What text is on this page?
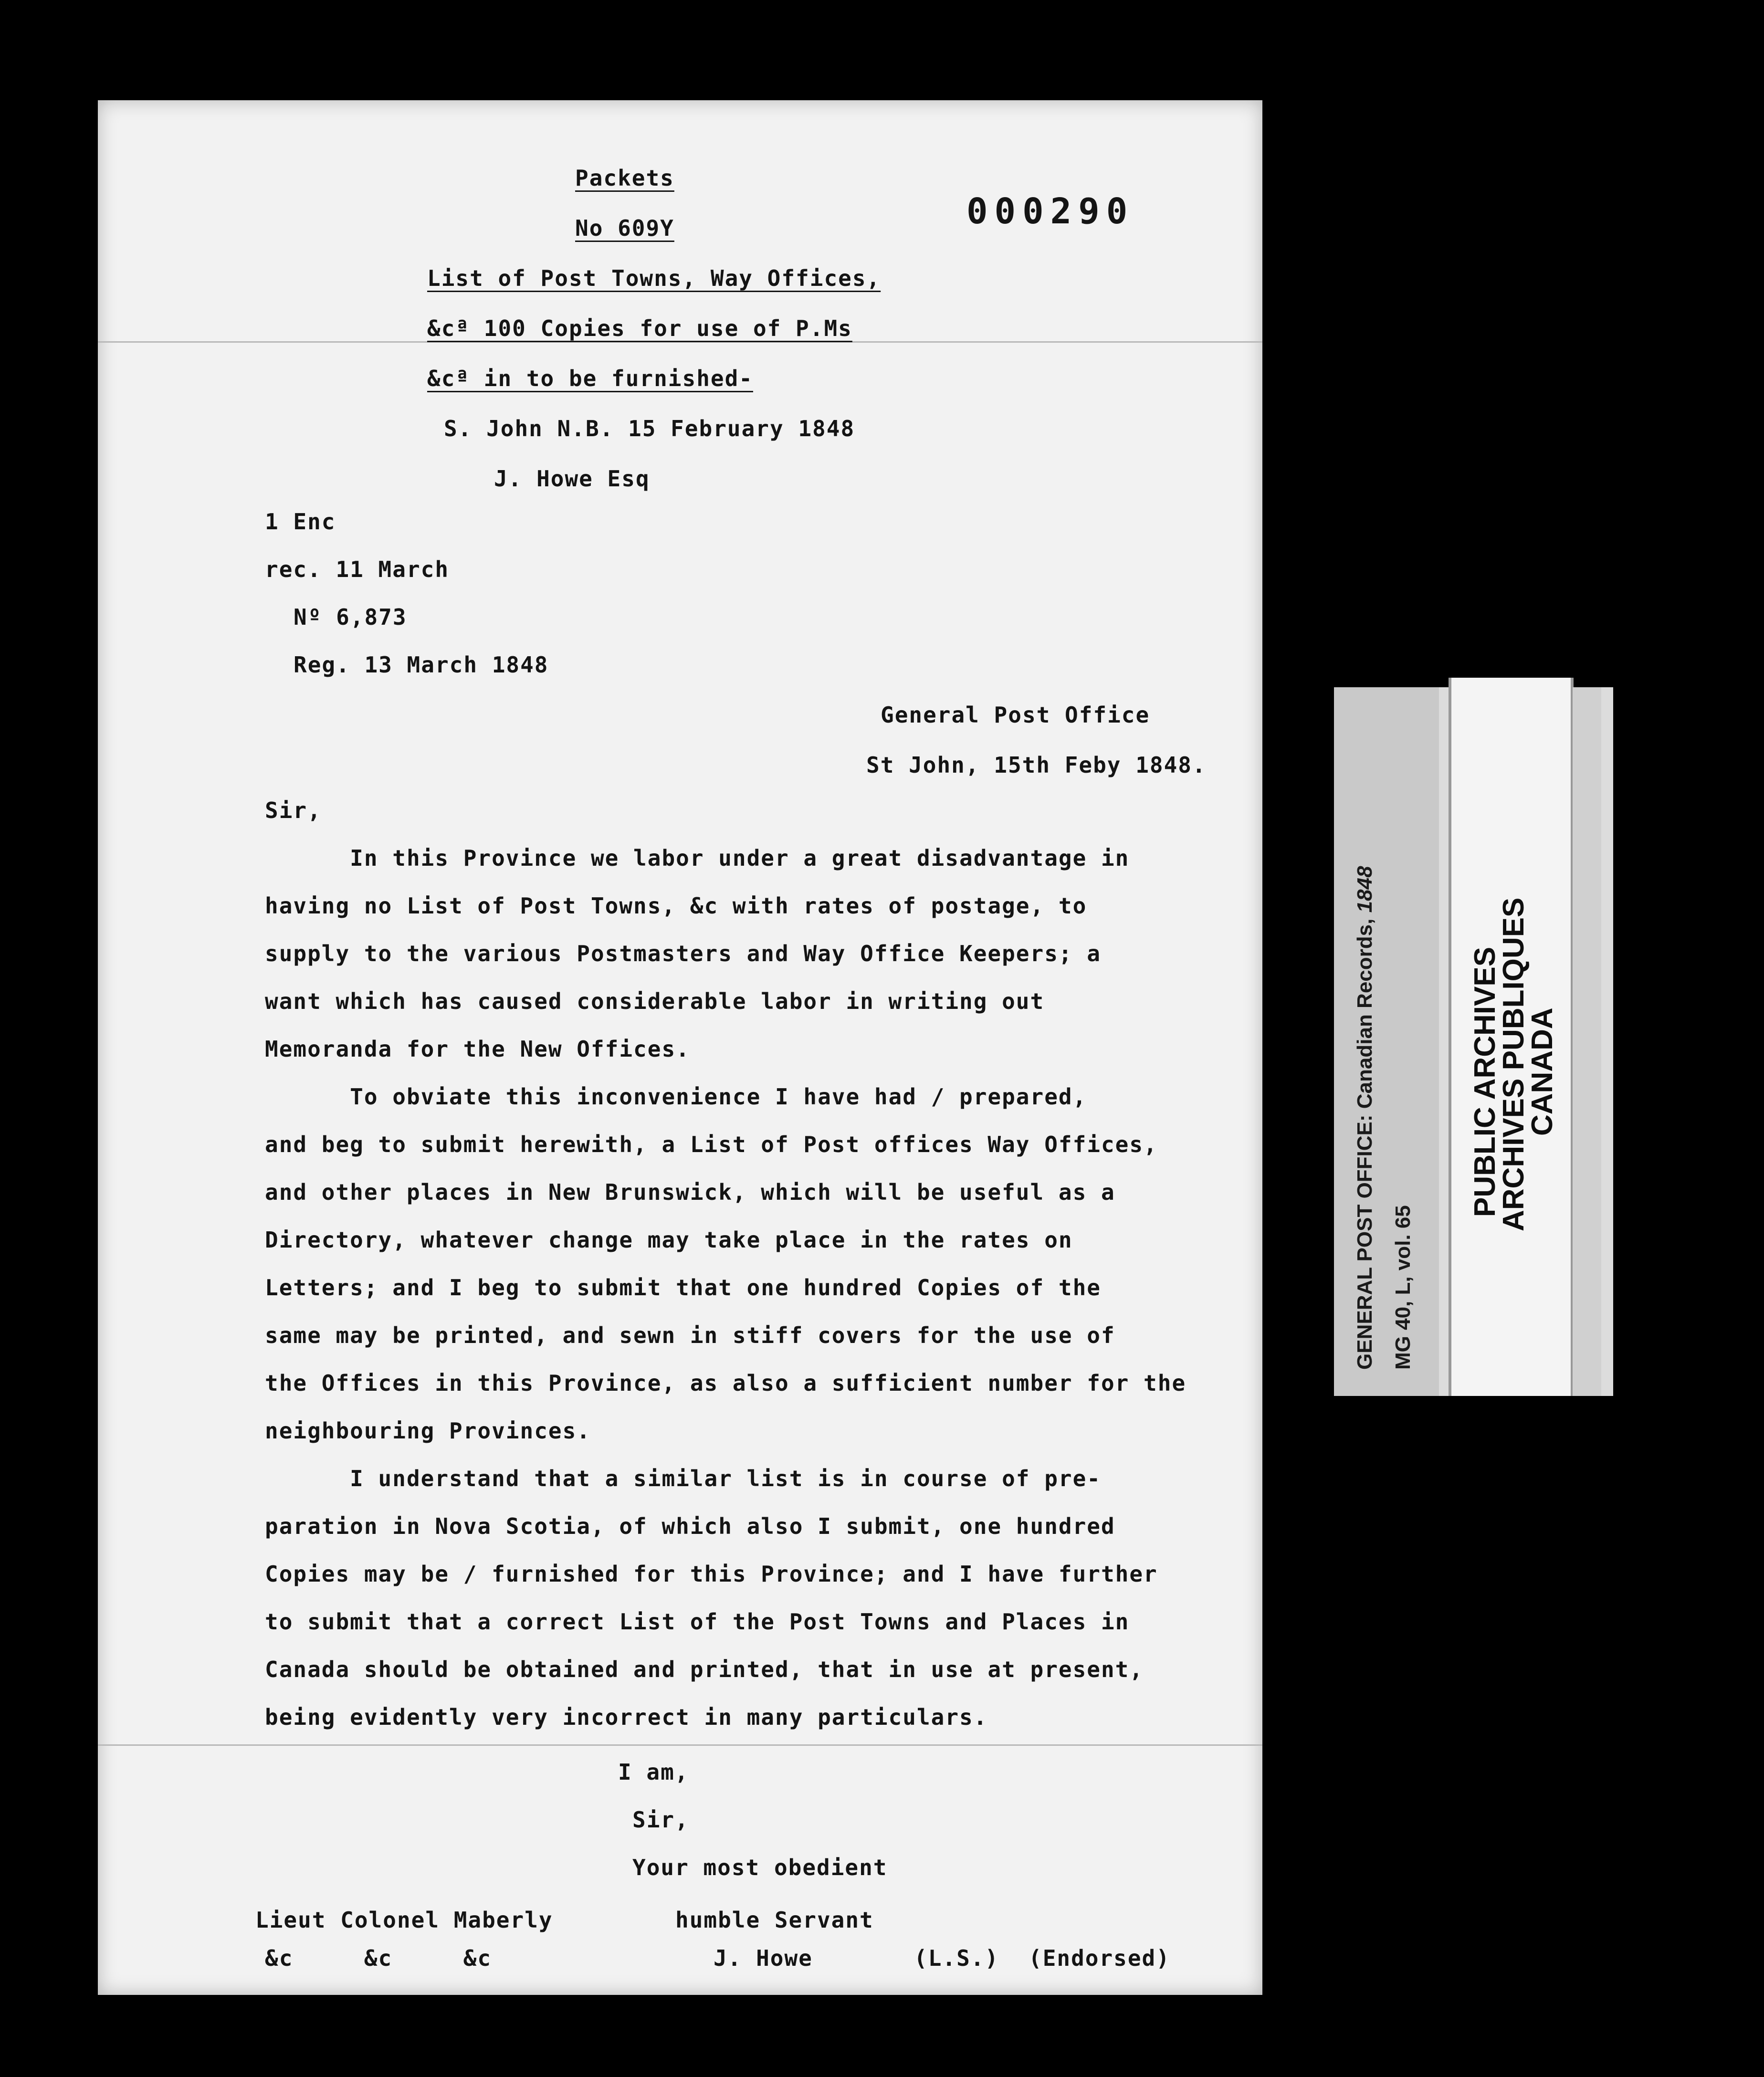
000290
Packets
No 609Y
List of Post Towns, Way Offices,
&cª 100 Copies for use of P.Ms
&cª in to be furnished-
S. John N.B. 15 February 1848
J. Howe Esq
1 Enc
rec. 11 March
Nº 6,873
Reg. 13 March 1848
General Post Office
St John, 15th Feby 1848.
Sir,
In this Province we labor under a great disadvantage in
having no List of Post Towns, &c with rates of postage, to
supply to the various Postmasters and Way Office Keepers; a
want which has caused considerable labor in writing out
Memoranda for the New Offices.
To obviate this inconvenience I have had / prepared,
and beg to submit herewith, a List of Post offices Way Offices,
and other places in New Brunswick, which will be useful as a
Directory, whatever change may take place in the rates on
Letters; and I beg to submit that one hundred Copies of the
same may be printed, and sewn in stiff covers for the use of
the Offices in this Province, as also a sufficient number for the
neighbouring Provinces.
I understand that a similar list is in course of pre-
paration in Nova Scotia, of which also I submit, one hundred
Copies may be / furnished for this Province; and I have further
to submit that a correct List of the Post Towns and Places in
Canada should be obtained and printed, that in use at present,
being evidently very incorrect in many particulars.
I am,
Sir,
Your most obedient
humble Servant
J. Howe	(L.S.) (Endorsed)
Lieut Colonel Maberly
&c     &c     &c
GENERAL POST OFFICE: Canadian Records, 1848
MG 40, L, vol. 65
PUBLIC ARCHIVES
ARCHIVES PUBLIQUES
CANADA
